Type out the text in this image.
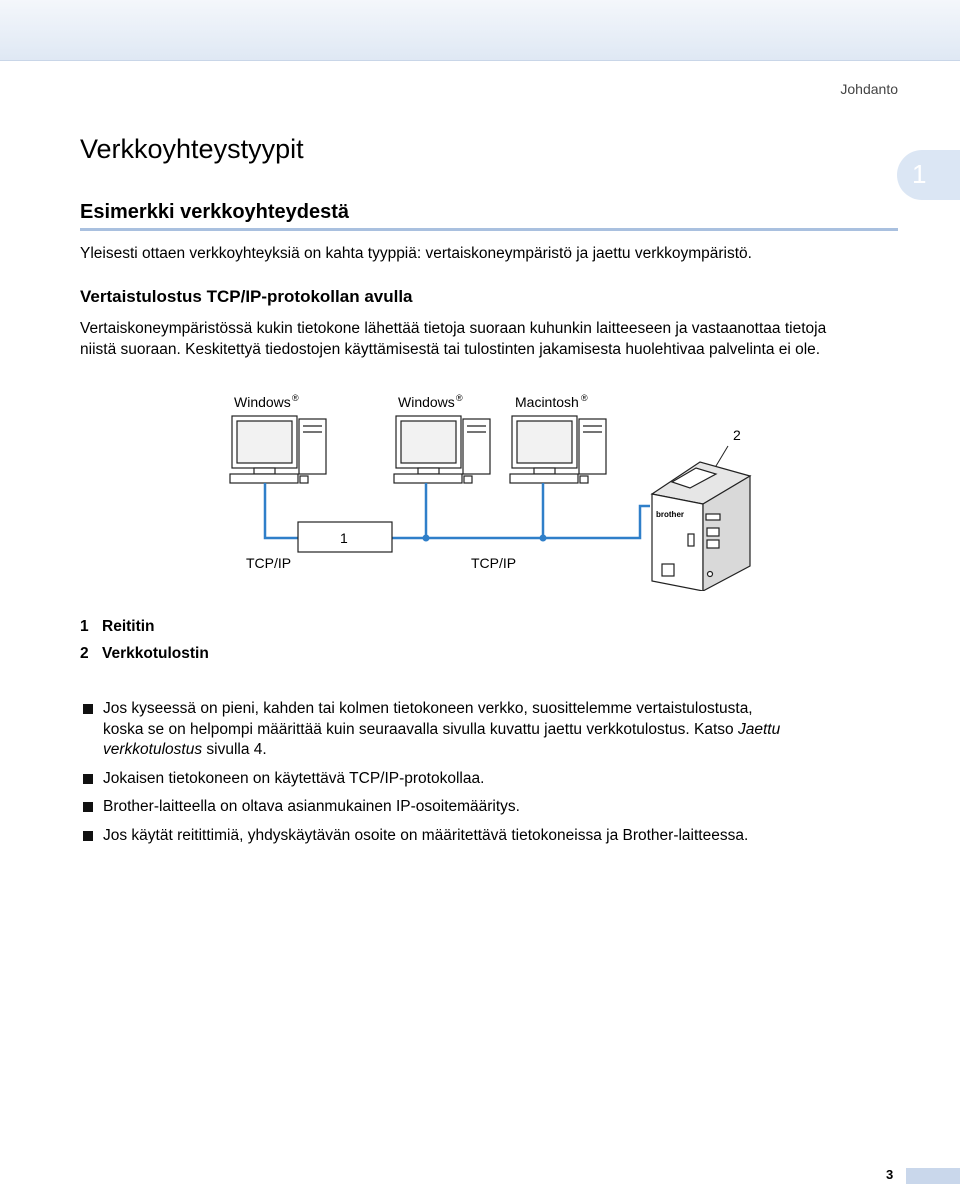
Johdanto
Verkkoyhteystyypit
1
Esimerkki verkkoyhteydestä

Yleisesti ottaen verkkoyhteyksiä on kahta tyyppiä: vertaiskoneympäristö ja jaettu verkkoympäristö.

Vertaistulostus TCP/IP-protokollan avulla

Vertaiskoneympäristössä kukin tietokone lähettää tietoja suoraan kuhunkin laitteeseen ja vastaanottaa tietoja
niistä suoraan. Keskitettyä tiedostojen käyttämisestä tai tulostinten jakamisesta huolehtivaa palvelinta ei ole.

Windows ®	Windows ®	Macintosh ®
1
TCP/IP	TCP/IP
2
brother
1 Reititin
2 Verkkotulostin
Jos kyseessä on pieni, kahden tai kolmen tietokoneen verkko, suosittelemme vertaistulostusta,
koska se on helpompi määrittää kuin seuraavalla sivulla kuvattu jaettu verkkotulostus. Katso Jaettu
verkkotulostus sivulla 4.
Jokaisen tietokoneen on käytettävä TCP/IP-protokollaa.
Brother-laitteella on oltava asianmukainen IP-osoitemääritys.
Jos käytät reitittimiä, yhdyskäytävän osoite on määritettävä tietokoneissa ja Brother-laitteessa.
3
